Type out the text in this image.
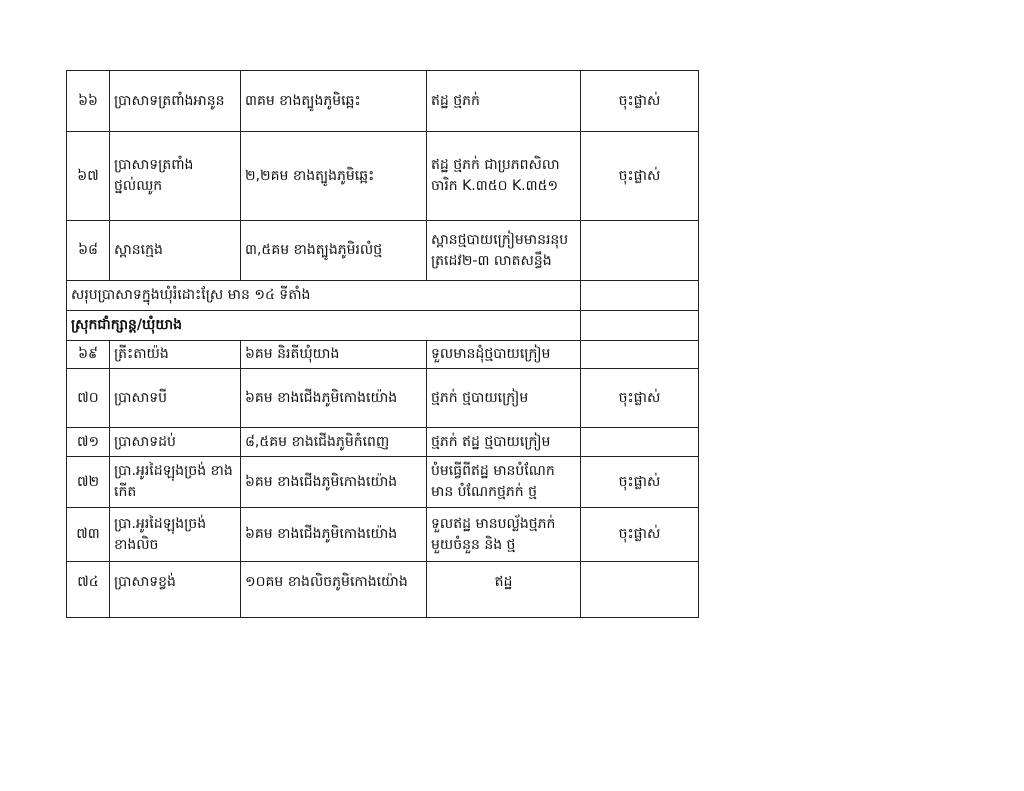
៦៦	ប្រាសាទត្រពាំងអានូន	៣គម ខាងត្បូងភូមិឆ្អេះ	ឥដ្ឋ ថ្មភក់	ចុះផ្លាស់
៦៧	ប្រាសាទត្រពាំង ថ្នល់ឈូក	២,២គម ខាងត្បូងភូមិឆ្អេះ	ឥដ្ឋ ថ្មភក់ ជាប្រភពសិលាចារិក K.៣៥០ K.៣៥១	ចុះផ្លាស់
៦៨	ស្ពានក្មេង	៣,៥គម ខាងត្បូងភូមិរលំថ្ម	ស្ពានថ្មបាយក្រៀមមានរនុបត្រដេវ២-៣ លាតសន្ធឹង	
សរុបប្រាសាទក្នុងឃុំរំដោះស្រែ មាន ១៤ ទីតាំង				
ស្រុកជាំក្សាន្ត/ឃុំយាង				
៦៩	ត្រីះតាយ៉ង	៦គម និរតីឃុំយាង	ទួលមានដុំថ្មបាយក្រៀម	
៧០	ប្រាសាទបី	៦គម ខាងជើងភូមិកោងយ៉ោង	ថ្មភក់ ថ្មបាយក្រៀម	ចុះផ្លាស់
៧១	ប្រាសាទដប់	៨,៥គម ខាងជើងភូមិកំពេញ	ថ្មភក់ ឥដ្ឋ ថ្មបាយក្រៀម	
៧២	ប្រា.អូរដៃឡុងច្រង់ ខាងកើត	៦គម ខាងជើងភូមិកោងយ៉ោង	បំមធ្វើពីឥដ្ឋ មានបំណែកមាន បំណែកថ្មភក់ ថ្ម	ចុះផ្លាស់
៧៣	ប្រា.អូរដៃឡុងច្រង់ ខាងលិច	៦គម ខាងជើងភូមិកោងយ៉ោង	ទួលឥដ្ឋ មានបល្ល័ងថ្មភក់មួយចំនួន និង ថ្ម	ចុះផ្លាស់
៧៤	ប្រាសាទខ្វង់	១០គម ខាងលិចភូមិកោងយ៉ោង	ឥដ្ឋ	
